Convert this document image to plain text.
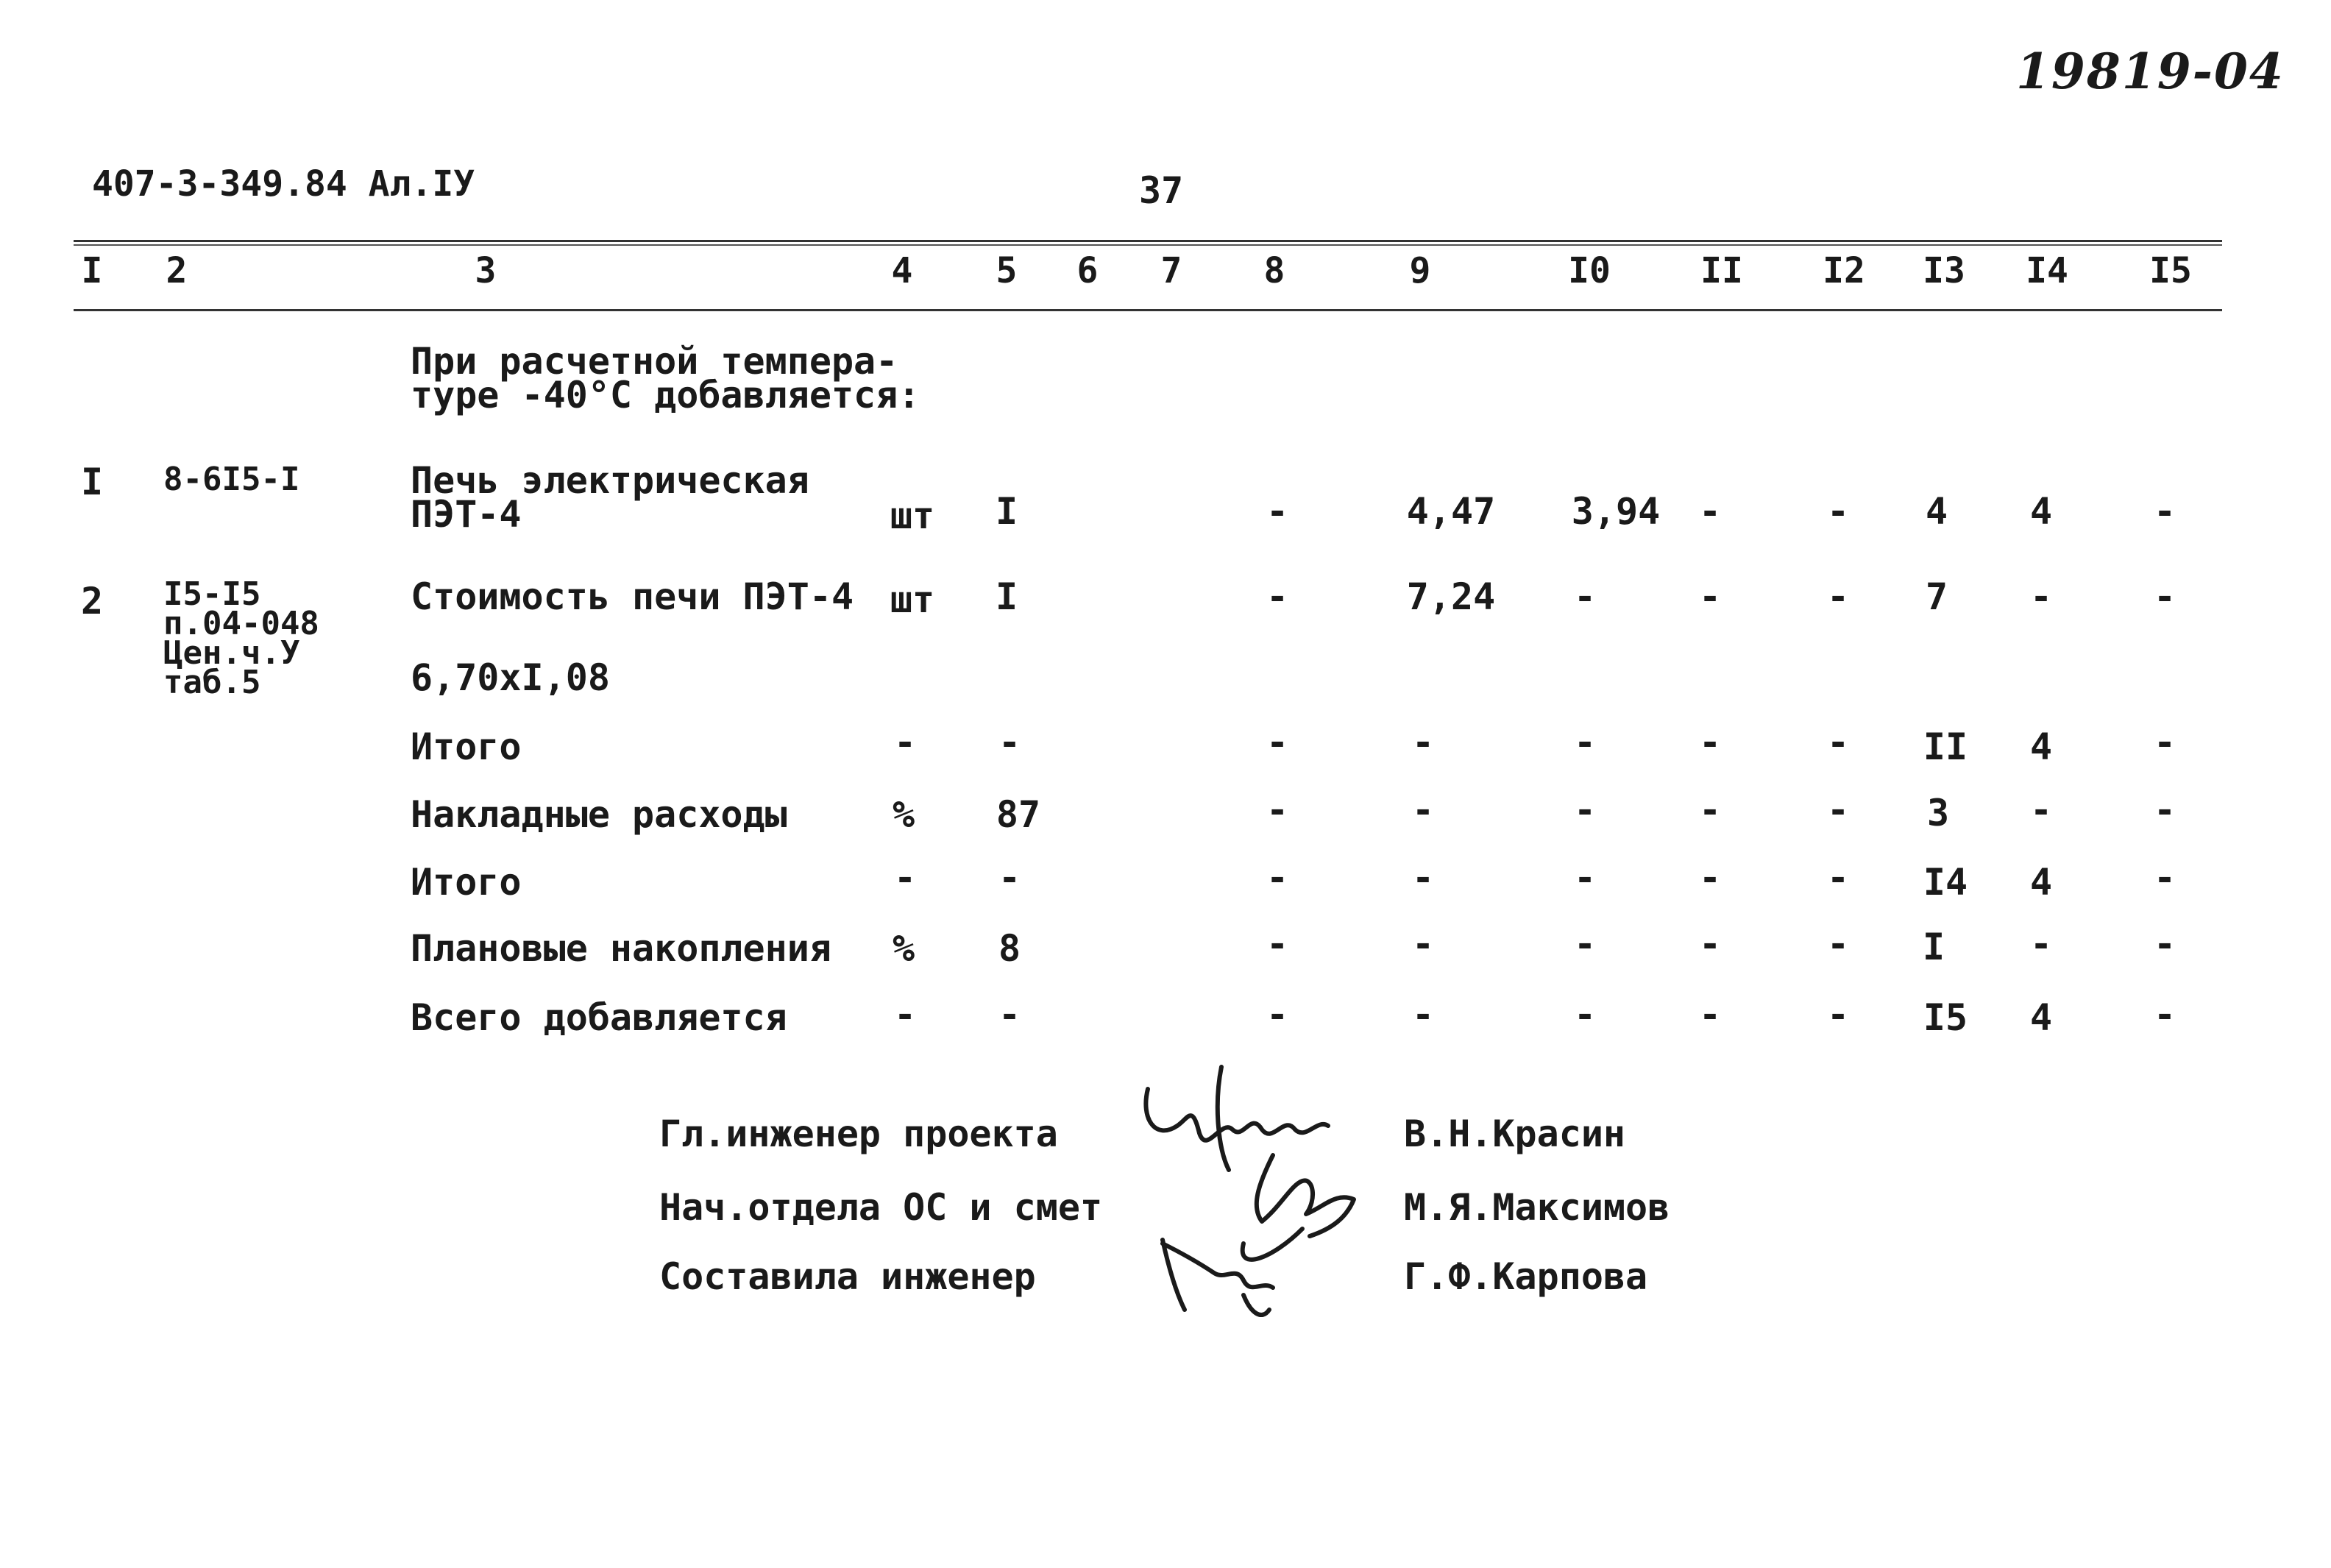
19819-04
407-3-349.84 Ал.IУ	37
I 2	3	4 5 6 7 8	9	I0	II I2 I3 I4 I5
При расчетной темпера-
туре -40°С добавляется:
I 8-6I5-I	Печь электрическая
ПЭТ-4	шт I	-	4,47 3,94 -	- 4 4	-
2 I5-I5
п.04-048
Цен.ч.У
таб.5
Стоимость печи ПЭТ-4 шт I	-	7,24 -	-	- 7 -	-
6,70хI,08
Итого	- -	-	-	-	-	- II 4	-
Накладные расходы	% 87	-	-	-	-	- 3 -	-
Итого	- -	-	-	-	-	- I4 4	-
Плановые накопления % 8	-	-	-	-	- I -	-
Всего добавляется	- -	-	-	-	-	- I5 4	-
Гл.инженер проекта	В.Н.Красин
Нач.отдела ОС и смет	М.Я.Максимов
Составила инженер	Г.Ф.Карпова
